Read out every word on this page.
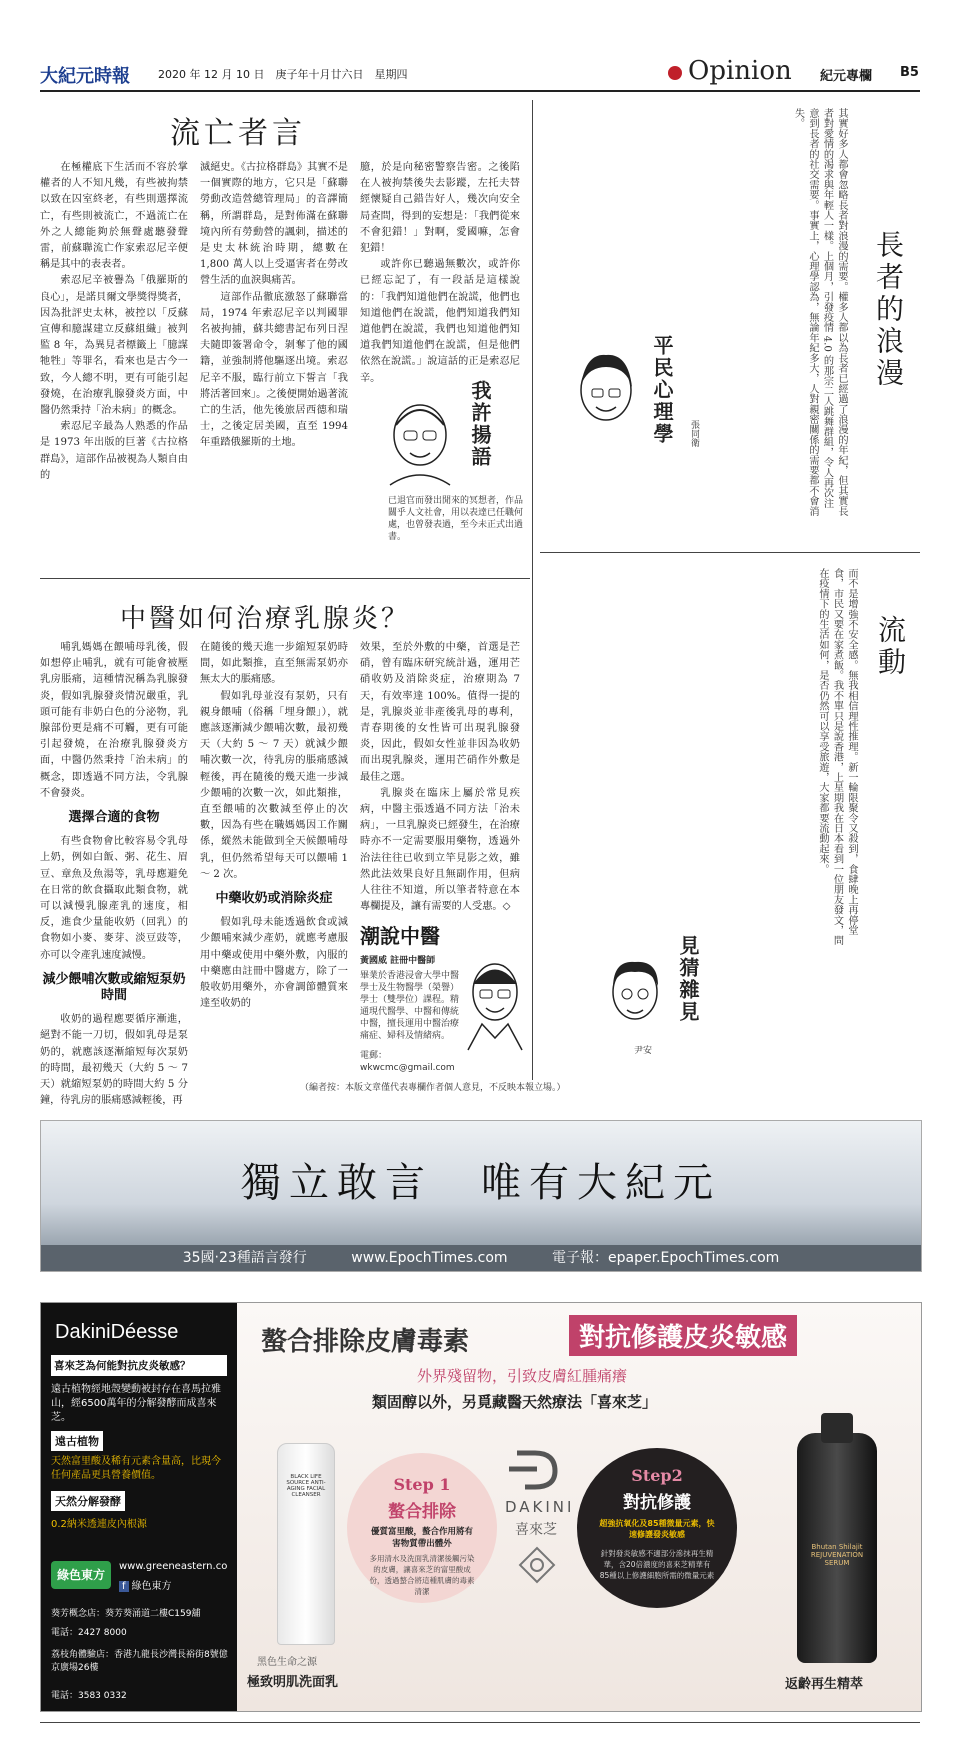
大紀元時報	2020 年 12 月 10 日　庚子年十月廿六日　星期四	Opinion 紀元專欄 B5
流亡者言

在極權底下生活而不容於掌權者的人不知凡幾，有些被拘禁以致在囚室終老，有些則選擇流亡，有些則被流亡，不過流亡在外之人總能夠於無聲處聽發聲雷，前蘇聯流亡作家索忍尼辛便稱是其中的表表者。

索忍尼辛被譽為「俄羅斯的良心」，是諾貝爾文學獎得獎者，因為批評史太林，被控以「反蘇宣傳和臆謀建立反蘇組織」被判監 8 年，為異見者標籤上「臆謀牠牲」等罪名，看來也是古今一致，今人總不明，更有可能引起發燒，在治療乳腺發炎方面，中醫仍然秉持「治未病」的概念。

索忍尼辛最為人熟悉的作品是 1973 年出版的巨著《古拉格群島》，這部作品被視為人類自由的

滅絕史。《古拉格群島》其實不是一個實際的地方，它只是「蘇聯勞動改造營總管理局」的音譯簡稱，所謂群島，是對佈滿在蘇聯境內所有勞動營的諷刺，描述的是史太林統治時期，總數在 1,800 萬人以上受逼害者在勞改營生活的血淚與痛苦。

這部作品徹底激怒了蘇聯當局，1974 年索忍尼辛以判國罪名被拘捕，蘇共總書記布列日涅夫隨即簽署命令，剝奪了他的國籍，並強制將他驅逐出境。索忍尼辛不服，臨行前立下誓言「我將活著回來」。之後便開始過著流亡的生活，他先後旅居西德和瑞士，之後定居美國，直至 1994 年重踏俄羅斯的土地。

臆，於是向秘密警察告密。之後陷在人被拘禁後失去影蹤，左托夫替經懷疑自己錯告好人，幾次向安全局查問，得到的妄想是：「我們從來不會犯錯！」對啊，愛國嘛，怎會犯錯！

或許你已聽過無數次，或許你已經忘記了，有一段話是這樣說的：「我們知道他們在說謊，他們也知道他們在說謊，他們知道我們知道他們在說謊，我們也知道他們知道我們知道他們在說謊，但是他們依然在說謊。」說這話的正是索忍尼辛。

我許揚語
已退官而發出閒來的冥想者，作品關乎人文社會，用以表達已任職何處，也曾發表過，至今未正式出過書。
中醫如何治療乳腺炎？

哺乳媽媽在餵哺母乳後，假如想停止哺乳，就有可能會被壓乳房脹痛，這種情況稱為乳腺發炎，假如乳腺發炎情況嚴重，乳頭可能有非奶白色的分泌物，乳腺部份更是痛不可觸，更有可能引起發燒，在治療乳腺發炎方面，中醫仍然秉持「治未病」的概念，即透過不同方法，令乳腺不會發炎。

選擇合適的食物

有些食物會比較容易令乳母上奶，例如白飯、粥、花生、眉豆、章魚及魚湯等，乳母應避免在日常的飲食攝取此類食物，就可以減慢乳腺產乳的速度，相反，進食少量能收奶（回乳）的食物如小麥、麥芽、淡豆豉等，亦可以令產乳速度減慢。

減少餵哺次數或縮短泵奶時間

收奶的過程應要循序漸進，絕對不能一刀切，假如乳母是泵奶的，就應該逐漸縮短每次泵奶的時間，最初幾天（大約 5 ～ 7 天）就縮短泵奶的時間大約 5 分鐘，待乳房的脹痛感減輕後，再

在隨後的幾天進一步縮短泵奶時間，如此類推，直至無需泵奶亦無太大的脹痛感。

假如乳母並沒有泵奶，只有親身餵哺（俗稱「埋身餵」），就應該逐漸減少餵哺次數，最初幾天（大約 5 ～ 7 天）就減少餵哺次數一次，待乳房的脹痛感減輕後，再在隨後的幾天進一步減少餵哺的次數一次，如此類推，直至餵哺的次數減至停止的次數，因為有些在職媽媽因工作關係，縱然未能做到全天候餵哺母乳，但仍然希望每天可以餵哺 1 ～ 2 次。

中藥收奶或消除炎症

假如乳母未能透過飲食或減少餵哺來減少產奶，就應考慮服用中藥或使用中藥外敷，內服的中藥應由註冊中醫處方，除了一般收奶用藥外，亦會調節體質來達至收奶的

效果，至於外敷的中藥，首選是芒硝，曾有臨床研究統計過，運用芒硝收奶及消除炎症，治療期為 7 天，有效率達 100%。值得一提的是，乳腺炎並非產後乳母的專利，青春期後的女性皆可出現乳腺發炎，因此，假如女性並非因為收奶而出現乳腺炎，運用芒硝作外敷是最佳之選。

乳腺炎在臨床上屬於常見疾病，中醫主張透過不同方法「治未病」，一旦乳腺炎已經發生，在治療時亦不一定需要服用藥物，透過外治法往往已收到立竿見影之效，雖然此法效果良好且無副作用，但病人往往不知道，所以筆者特意在本專欄提及，讓有需要的人受惠。◇

潮說中醫
黃國威 註冊中醫師
畢業於香港浸會大學中醫學士及生物醫學（榮譽）學士（雙學位）課程。精通現代醫學、中醫和傳統中醫，擅長運用中醫治療痛症、婦科及情緒病。
電郵：wkwcmc@gmail.com
其實好多人都會忽略長者對浪漫的需要。權多人都以為長者已經過了浪漫的年紀，但其實長者對愛情的渴求與年輕人一樣。上個月，引發疫情 4.0 的那宗二人跳舞群組，令人再次注意到長者的社交需要。事實上，心理學認為，無論年紀多大，人對親密關係的需要都不會消失。
長者的浪漫
平民心理學	張同衛
而不是增強不安全感。無我相信理性推理。新一輪限聚令又殺到，食肆晚上再停堂食，市民又要在家煮飯。我不單只是說香港，上星期我在日本看到一位朋友發文，問在疫情下的生活如何，是否仍然可以享受旅遊，大家都要流動起來。	流動
見猜雜見
尹安
（編者按：本版文章僅代表專欄作者個人意見，不反映本報立場。）
獨立敢言　唯有大紀元
35國‧23種語言發行	www.EpochTimes.com	電子報：epaper.EpochTimes.com
DakiniDéesse
喜來芝為何能對抗皮炎敏感？
遠古植物經地殼變動被封存在喜馬拉雅山，經6500萬年的分解發酵而成喜來芝。
遠古植物
天然富里酸及稀有元素含量高，比現今任何產品更具營養價值。
天然分解發酵
0.2納米透連皮內根源
綠色東方
www.greeneastern.co
f 綠色東方
葵芳概念店：葵芳葵涌道二樓C159舖
電話：2427 8000
荔枝角體驗店：香港九龍長沙灣長裕街8號億京廣場26樓
電話：3583 0332
螯合排除皮膚毒素	對抗修護皮炎敏感
外界殘留物，引致皮膚紅腫痛癢
類固醇以外，另覓藏醫天然療法「喜來芝」
BLACK LIFE SOURCE ANTI-AGING FACIAL CLEANSER
黑色生命之源
極致明肌洗面乳
Step 1
螯合排除
優質富里酸，螯合作用將有害物質帶出體外
多用清水及洗面乳清潔後觸污染的皮膚，讓喜來芝的富里酸成份，透過螯合將這種肌膚的毒素清潔
DAKINI
喜來芝
Step2
對抗修護
超強抗氧化及85種微量元素，快速修護發炎敏感
針對發炎敏感不適部分滲抹再生精華，含20倍濃度的喜來芝精華有85種以上修護細胞所需的微量元素
Bhutan Shilajit REJUVENATION SERUM
返齡再生精萃
